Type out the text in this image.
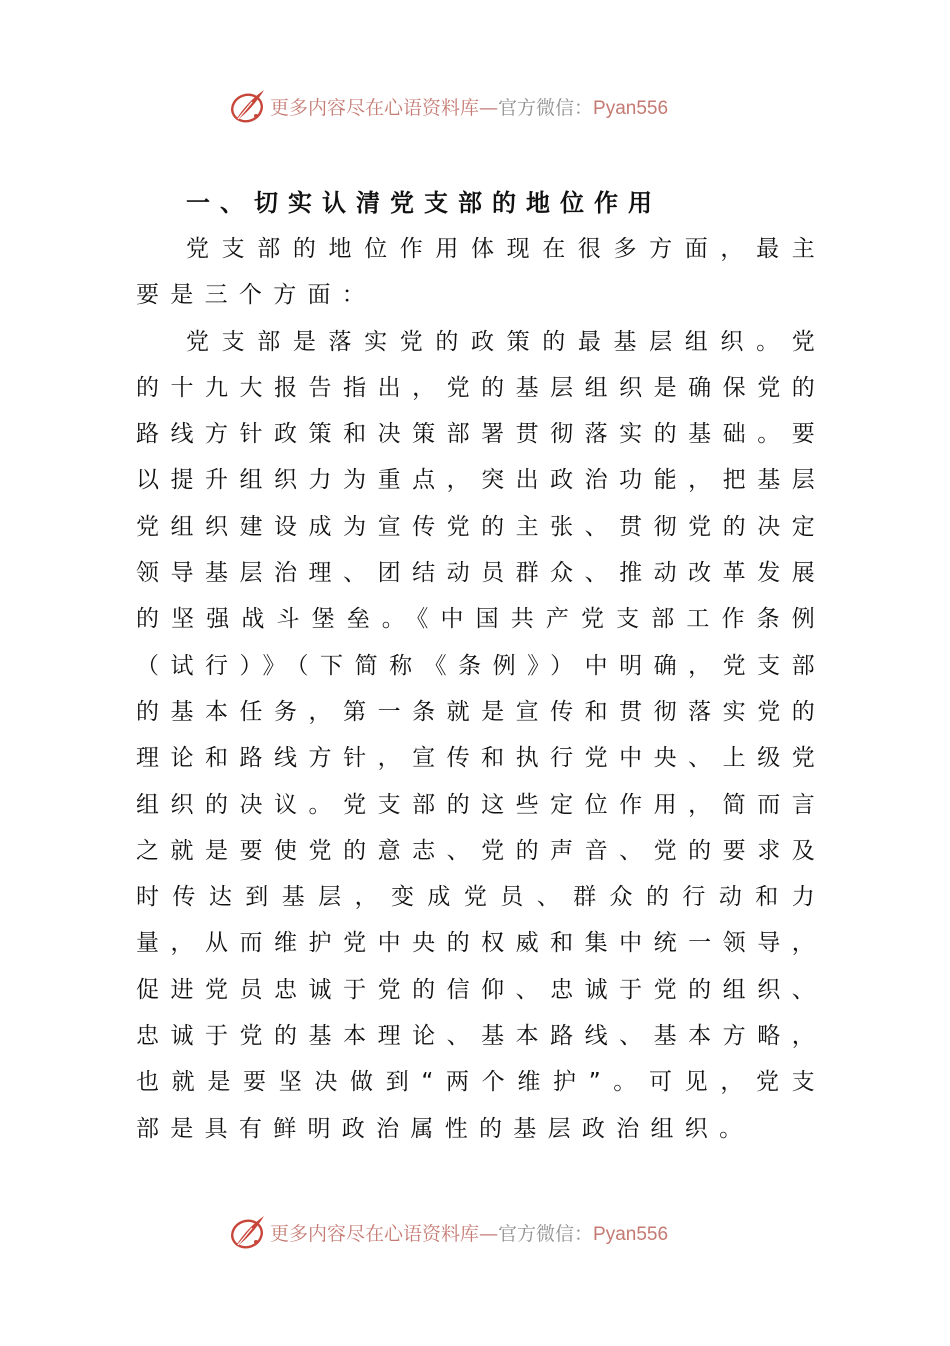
更多内容尽在心语资料库—官方微信：Pyan556
一、切实认清党支部的地位作用

党支部的地位作用体现在很多方面，最主要是三个方面：

党支部是落实党的政策的最基层组织。党的十九大报告指出，党的基层组织是确保党的路线方针政策和决策部署贯彻落实的基础。要以提升组织力为重点，突出政治功能，把基层党组织建设成为宣传党的主张、贯彻党的决定领导基层治理、团结动员群众、推动改革发展的坚强战斗堡垒。《中国共产党支部工作条例（试行）》（下简称《条例》）中明确，党支部的基本任务，第一条就是宣传和贯彻落实党的理论和路线方针，宣传和执行党中央、上级党组织的决议。党支部的这些定位作用，简而言之就是要使党的意志、党的声音、党的要求及时传达到基层，变成党员、群众的行动和力量，从而维护党中央的权威和集中统一领导，促进党员忠诚于党的信仰、忠诚于党的组织、忠诚于党的基本理论、基本路线、基本方略，也就是要坚决做到“两个维护”。可见，党支部是具有鲜明政治属性的基层政治组织。

更多内容尽在心语资料库—官方微信：Pyan556
